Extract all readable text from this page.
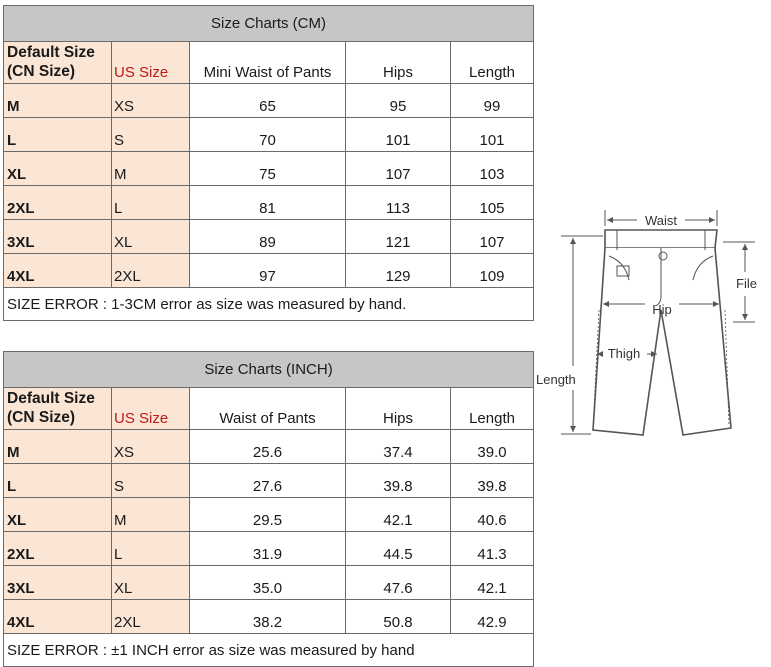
Size Charts (CM)				

Default Size
(CN Size)	US Size	Mini Waist of Pants	Hips	Length
M	XS	65	95	99
L	S	70	101	101
XL	M	75	107	103
2XL	L	81	113	105
3XL	XL	89	121	107
4XL	2XL	97	129	109
SIZE ERROR : 1-3CM error as size was measured by hand.				
Size Charts (INCH)				

Default Size
(CN Size)	US Size	Waist of Pants	Hips	Length
M	XS	25.6	37.4	39.0
L	S	27.6	39.8	39.8
XL	M	29.5	42.1	40.6
2XL	L	31.9	44.5	41.3
3XL	XL	35.0	47.6	42.1
4XL	2XL	38.2	50.8	42.9
SIZE ERROR : ±1 INCH error as size was measured by hand				
Waist
File
Hip
Thigh
Length
